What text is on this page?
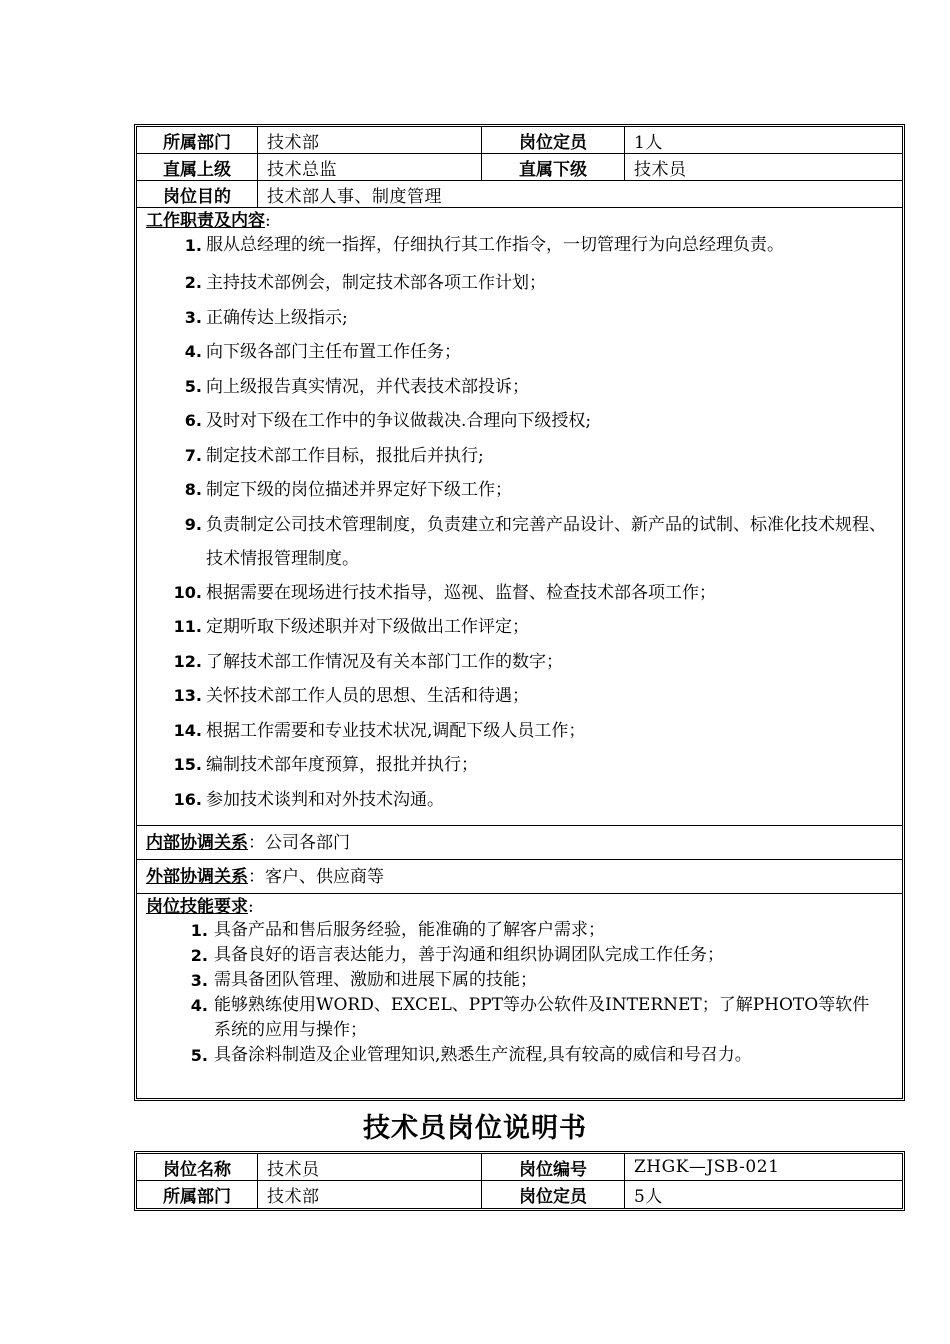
所属部门	技术部	岗位定员	1人
直属上级	技术总监	直属下级	技术员
岗位目的	技术部人事、制度管理
工作职责及内容:
1. 服从总经理的统一指挥，仔细执行其工作指令，一切管理行为向总经理负责。
2. 主持技术部例会，制定技术部各项工作计划；
3. 正确传达上级指示;
4. 向下级各部门主任布置工作任务；
5. 向上级报告真实情况，并代表技术部投诉；
6. 及时对下级在工作中的争议做裁决.合理向下级授权;
7. 制定技术部工作目标，报批后并执行;
8. 制定下级的岗位描述并界定好下级工作；
9. 负责制定公司技术管理制度，负责建立和完善产品设计、新产品的试制、标准化技术规程、技术情报管理制度。
10. 根据需要在现场进行技术指导，巡视、监督、检查技术部各项工作；
11. 定期听取下级述职并对下级做出工作评定；
12. 了解技术部工作情况及有关本部门工作的数字；
13. 关怀技术部工作人员的思想、生活和待遇；
14. 根据工作需要和专业技术状况,调配下级人员工作；
15. 编制技术部年度预算，报批并执行；
16. 参加技术谈判和对外技术沟通。
内部协调关系：公司各部门
外部协调关系：客户、供应商等
岗位技能要求:
1. 具备产品和售后服务经验，能准确的了解客户需求；
2. 具备良好的语言表达能力，善于沟通和组织协调团队完成工作任务；
3. 需具备团队管理、激励和进展下属的技能；
4. 能够熟练使用WORD、EXCEL、PPT等办公软件及INTERNET；了解PHOTO等软件系统的应用与操作；
5. 具备涂料制造及企业管理知识,熟悉生产流程,具有较高的威信和号召力。
技术员岗位说明书
岗位名称	技术员	岗位编号	ZHGK—JSB-021
所属部门	技术部	岗位定员	5人
